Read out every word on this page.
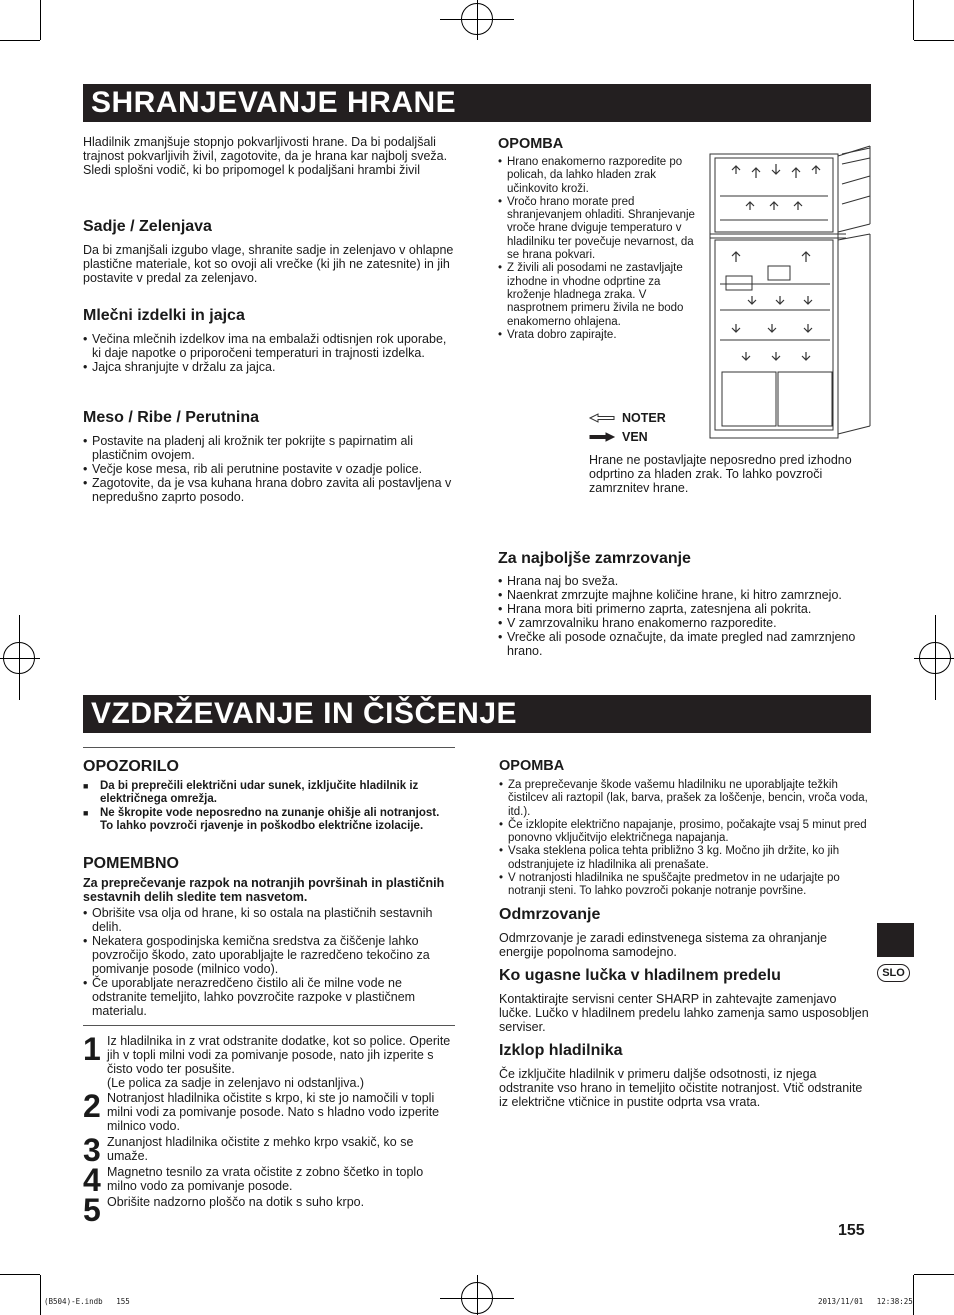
SHRANJEVANJE HRANE
Hladilnik zmanjšuje stopnjo pokvarljivosti hrane. Da bi podaljšali trajnost pokvarljivih živil, zagotovite, da je hrana kar najbolj sveža. Sledi splošni vodič, ki bo pripomogel k podaljšani hrambi živil
Sadje / Zelenjava
Da bi zmanjšali izgubo vlage, shranite sadje in zelenjavo v ohlapne plastične materiale, kot so ovoji ali vrečke (ki jih ne zatesnite) in jih postavite v predal za zelenjavo.
Mlečni izdelki in jajca
• Večina mlečnih izdelkov ima na embalaži odtisnjen rok uporabe, ki daje napotke o priporočeni temperaturi in trajnosti izdelka.
• Jajca shranjujte v držalu za jajca.
Meso / Ribe / Perutnina
• Postavite na pladenj ali krožnik ter pokrijte s papirnatim ali plastičnim ovojem.
• Večje kose mesa, rib ali perutnine postavite v ozadje police.
• Zagotovite, da je vsa kuhana hrana dobro zavita ali postavljena v nepredušno zaprto posodo.
OPOMBA
• Hrano enakomerno razporedite po policah, da lahko hladen zrak učinkovito kroži.
• Vročo hrano morate pred shranjevanjem ohladiti. Shranjevanje vroče hrane dviguje temperaturo v hladilniku ter povečuje nevarnost, da se hrana pokvari.
• Z živili ali posodami ne zastavljajte izhodne in vhodne odprtine za kroženje hladnega zraka. V nasprotnem primeru živila ne bodo enakomerno ohlajena.
• Vrata dobro zapirajte.
NOTER
VEN
Hrane ne postavljajte neposredno pred izhodno odprtino za hladen zrak. To lahko povzroči zamrznitev hrane.
Za najboljše zamrzovanje
• Hrana naj bo sveža.
• Naenkrat zmrzujte majhne količine hrane, ki hitro zamrznejo.
• Hrana mora biti primerno zaprta, zatesnjena ali pokrita.
• V zamrzovalniku hrano enakomerno razporedite.
• Vrečke ali posode označujte, da imate pregled nad zamrznjeno hrano.
VZDRŽEVANJE IN ČIŠČENJE
OPOZORILO
■ Da bi preprečili električni udar sunek, izključite hladilnik iz električnega omrežja.
■ Ne škropite vode neposredno na zunanje ohišje ali notranjost. To lahko povzroči rjavenje in poškodbo električne izolacije.
POMEMBNO
Za preprečevanje razpok na notranjih površinah in plastičnih sestavnih delih sledite tem nasvetom.
• Obrišite vsa olja od hrane, ki so ostala na plastičnih sestavnih delih.
• Nekatera gospodinjska kemična sredstva za čiščenje lahko povzročijo škodo, zato uporabljajte le razredčeno tekočino za pomivanje posode (milnico vodo).
• Če uporabljate nerazredčeno čistilo ali če milne vode ne odstranite temeljito, lahko povzročite razpoke v plastičnem materialu.
1 Iz hladilnika in z vrat odstranite dodatke, kot so police. Operite jih v topli milni vodi za pomivanje posode, nato jih izperite s čisto vodo ter posušite.
(Le polica za sadje in zelenjavo ni odstanljiva.)
2 Notranjost hladilnika očistite s krpo, ki ste jo namočili v topli milni vodi za pomivanje posode. Nato s hladno vodo izperite milnico vodo.
3 Zunanjost hladilnika očistite z mehko krpo vsakič, ko se umaže.
4 Magnetno tesnilo za vrata očistite z zobno ščetko in toplo milno vodo za pomivanje posode.
5 Obrišite nadzorno ploščo na dotik s suho krpo.
OPOMBA
• Za preprečevanje škode vašemu hladilniku ne uporabljajte težkih čistilcev ali raztopil (lak, barva, prašek za loščenje, bencin, vroča voda, itd.).
• Če izklopite električno napajanje, prosimo, počakajte vsaj 5 minut pred ponovno vključitvijo električnega napajanja.
• Vsaka steklena polica tehta približno 3 kg. Močno jih držite, ko jih odstranjujete iz hladilnika ali prenašate.
• V notranjosti hladilnika ne spuščajte predmetov in ne udarjajte po notranji steni. To lahko povzroči pokanje notranje površine.
Odmrzovanje
Odmrzovanje je zaradi edinstvenega sistema za ohranjanje energije popolnoma samodejno.
Ko ugasne lučka v hladilnem predelu
Kontaktirajte servisni center SHARP in zahtevajte zamenjavo lučke. Lučko v hladilnem predelu lahko zamenja samo usposobljen serviser.
Izklop hladilnika
Če izključite hladilnik v primeru daljše odsotnosti, iz njega odstranite vso hrano in temeljito očistite notranjost. Vtič odstranite iz električne vtičnice in pustite odprta vsa vrata.
SLO
155
(B504)-E.indb   155	2013/11/01   12:38:25
